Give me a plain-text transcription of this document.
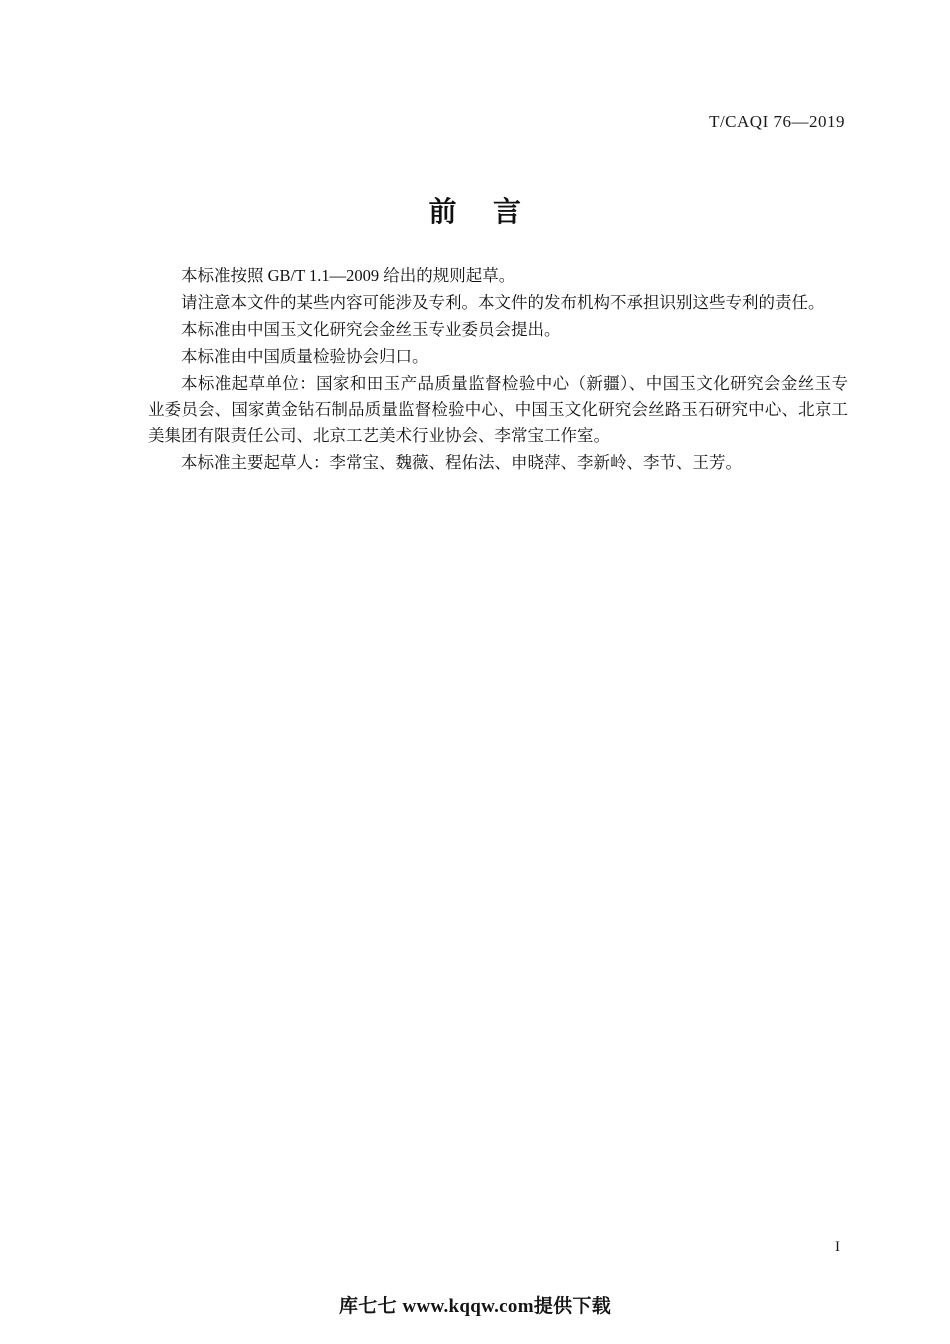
T/CAQI 76—2019
前 言

本标准按照 GB/T 1.1—2009 给出的规则起草。

请注意本文件的某些内容可能涉及专利。本文件的发布机构不承担识别这些专利的责任。

本标准由中国玉文化研究会金丝玉专业委员会提出。

本标准由中国质量检验协会归口。

本标准起草单位：国家和田玉产品质量监督检验中心（新疆）、中国玉文化研究会金丝玉专业委员会、国家黄金钻石制品质量监督检验中心、中国玉文化研究会丝路玉石研究中心、北京工美集团有限责任公司、北京工艺美术行业协会、李常宝工作室。

本标准主要起草人：李常宝、魏薇、程佑法、申晓萍、李新岭、李节、王芳。

I
库七七 www.kqqw.com提供下载
